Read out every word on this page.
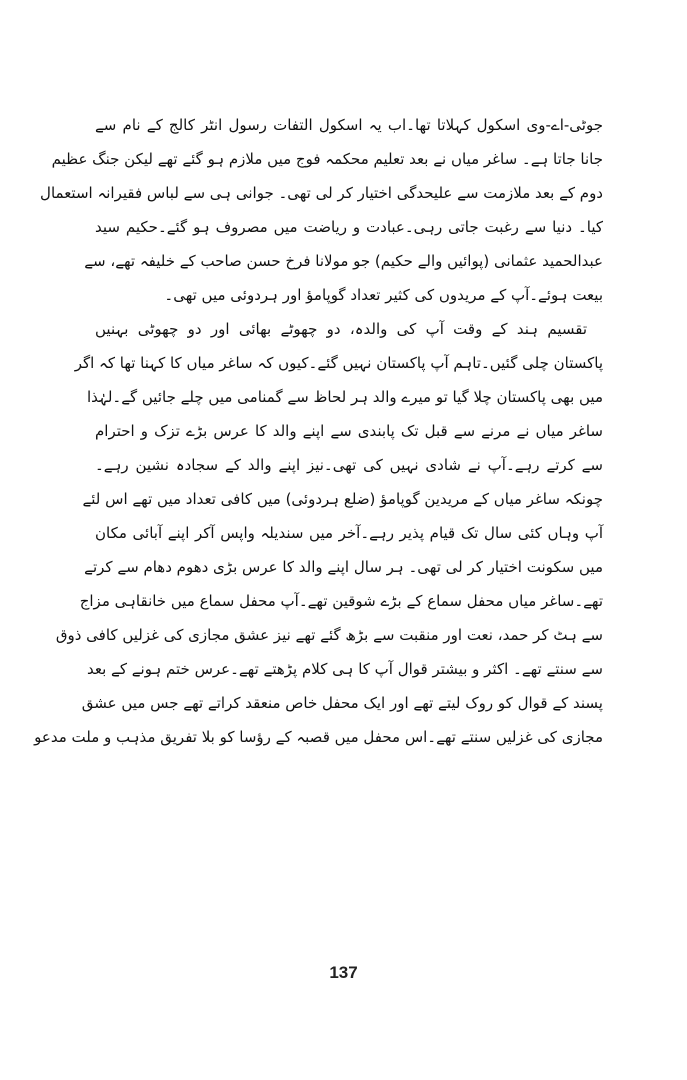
جوٹی-اے-وی اسکول کہلاتا تھا۔اب یہ اسکول التفات رسول انٹر کالج کے نام سے
جانا جاتا ہے۔ ساغر میاں نے بعد تعلیم محکمہ فوج میں ملازم ہو گئے تھے لیکن جنگ عظیم
دوم کے بعد ملازمت سے علیحدگی اختیار کر لی تھی۔ جوانی ہی سے لباس فقیرانہ استعمال
کیا۔ دنیا سے رغبت جاتی رہی۔عبادت و ریاضت میں مصروف ہو گئے۔حکیم سید
عبدالحمید عثمانی (پوائیں والے حکیم) جو مولانا فرخ حسن صاحب کے خلیفہ تھے، سے
بیعت ہوئے۔آپ کے مریدوں کی کثیر تعداد گوپامؤ اور ہردوئی میں تھی۔
تقسیم ہند کے وقت آپ کی والدہ، دو چھوٹے بھائی اور دو چھوٹی بہنیں
پاکستان چلی گئیں۔تاہم آپ پاکستان نہیں گئے۔کیوں کہ ساغر میاں کا کہنا تھا کہ اگر
میں بھی پاکستان چلا گیا تو میرے والد ہر لحاظ سے گمنامی میں چلے جائیں گے۔لہٰذا
ساغر میاں نے مرنے سے قبل تک پابندی سے اپنے والد کا عرس بڑے تزک و احترام
سے کرتے رہے۔آپ نے شادی نہیں کی تھی۔نیز اپنے والد کے سجادہ نشین رہے۔
چونکہ ساغر میاں کے مریدین گوپامؤ (ضلع ہردوئی) میں کافی تعداد میں تھے اس لئے
آپ وہاں کئی سال تک قیام پذیر رہے۔آخر میں سندیلہ واپس آکر اپنے آبائی مکان
میں سکونت اختیار کر لی تھی۔ ہر سال اپنے والد کا عرس بڑی دھوم دھام سے کرتے
تھے۔ساغر میاں محفل سماع کے بڑے شوقین تھے۔آپ محفل سماع میں خانقاہی مزاج
سے ہٹ کر حمد، نعت اور منقبت سے بڑھ گئے تھے نیز عشق مجازی کی غزلیں کافی ذوق
سے سنتے تھے۔ اکثر و بیشتر قوال آپ کا ہی کلام پڑھتے تھے۔عرس ختم ہونے کے بعد
پسند کے قوال کو روک لیتے تھے اور ایک محفل خاص منعقد کراتے تھے جس میں عشق
مجازی کی غزلیں سنتے تھے۔اس محفل میں قصبہ کے رؤسا کو بلا تفریق مذہب و ملت مدعو
137
